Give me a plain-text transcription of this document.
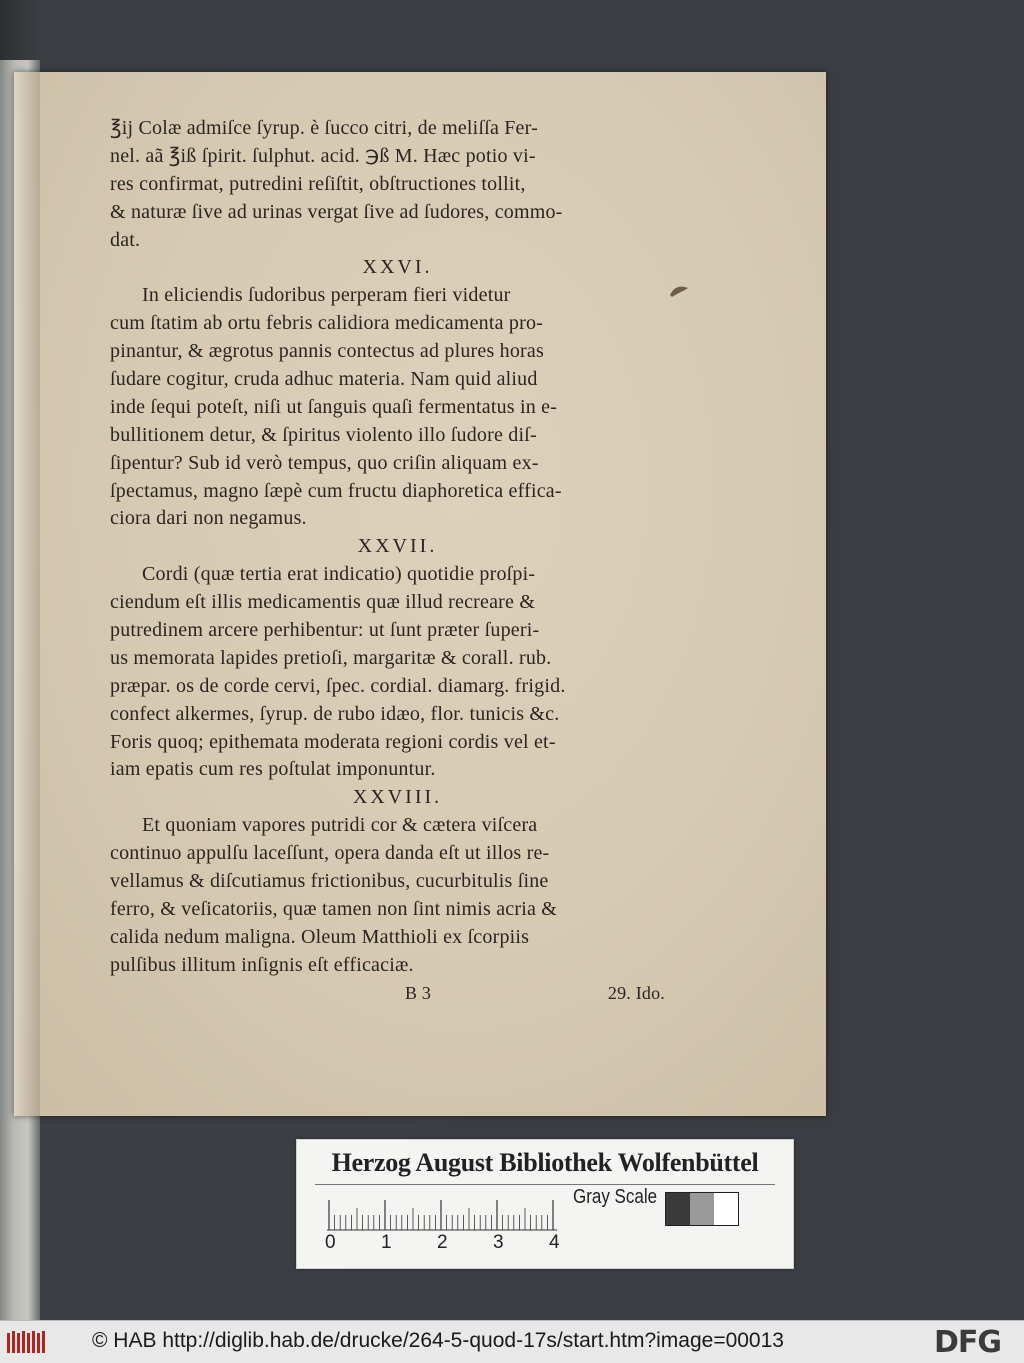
℥ij Colæ admiſce ſyrup. è ſucco citri, de meliſſa Fer-
nel. aã ℥iß ſpirit. ſulphut. acid. ℈ß M. Hæc potio vi-
res confirmat, putredini reſiſtit, obſtructiones tollit,
& naturæ ſive ad urinas vergat ſive ad ſudores, commo-
dat.
XXVI.
In eliciendis ſudoribus perperam fieri videtur
cum ſtatim ab ortu febris calidiora medicamenta pro-
pinantur, & ægrotus pannis contectus ad plures horas
ſudare cogitur, cruda adhuc materia. Nam quid aliud
inde ſequi poteſt, niſi ut ſanguis quaſi fermentatus in e-
bullitionem detur, & ſpiritus violento illo ſudore diſ-
ſipentur? Sub id verò tempus, quo criſin aliquam ex-
ſpectamus, magno ſæpè cum fructu diaphoretica effica-
ciora dari non negamus.
XXVII.
Cordi (quæ tertia erat indicatio) quotidie proſpi-
ciendum eſt illis medicamentis quæ illud recreare &
putredinem arcere perhibentur: ut ſunt præter ſuperi-
us memorata lapides pretioſi, margaritæ & corall. rub.
præpar. os de corde cervi, ſpec. cordial. diamarg. frigid.
confect alkermes, ſyrup. de rubo idæo, flor. tunicis &c.
Foris quoq; epithemata moderata regioni cordis vel et-
iam epatis cum res poſtulat imponuntur.
XXVIII.
Et quoniam vapores putridi cor & cætera viſcera
continuo appulſu laceſſunt, opera danda eſt ut illos re-
vellamus & diſcutiamus frictionibus, cucurbitulis ſine
ferro, & veſicatoriis, quæ tamen non ſint nimis acria &
calida nedum maligna. Oleum Matthioli ex ſcorpiis
pulſibus illitum inſignis eſt efficaciæ.
B 3	29. Ido.
Herzog August Bibliothek Wolfenbüttel
0 1 2 3 4
Gray Scale
© HAB http://diglib.hab.de/drucke/264-5-quod-17s/start.htm?image=00013	DFG
